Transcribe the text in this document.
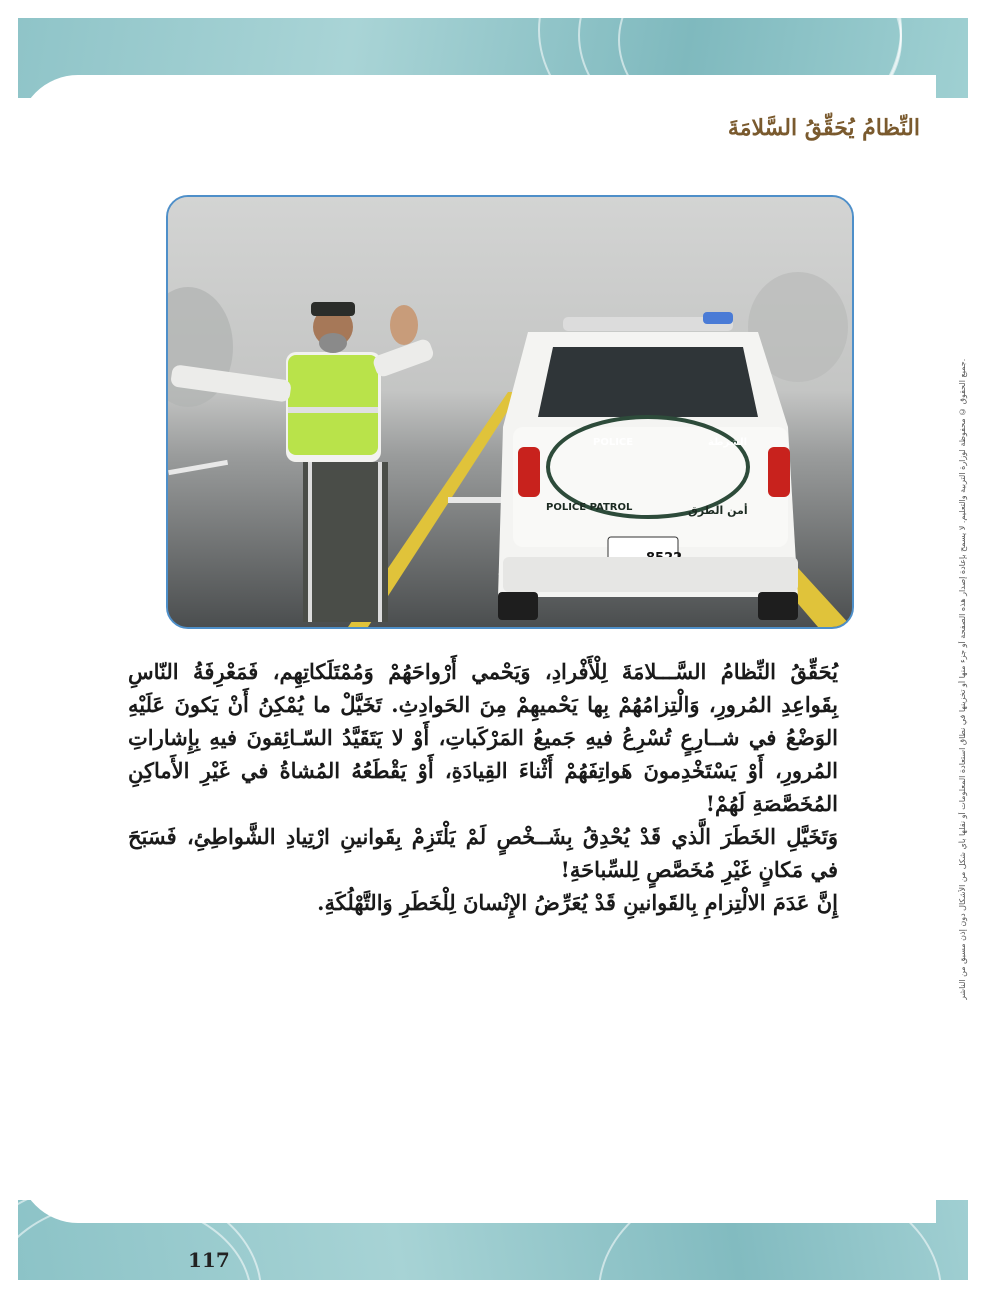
جميع الحقوق © محفوظة لوزارة التربية والتعليم. لا يسمح بإعادة إصدار هذه الصفحة أو جزء منها أو تخزينها في نطاق استعادة المعلومات أو نقلها بأي شكل من الأشكال دون إذن مسبق من الناشر.
النِّظامُ يُحَقِّقُ السَّلامَةَ
POLICE	الشرطة
POLICE PATROL	أمن الطرق

يُحَقِّقُ النِّظامُ السَّـــلامَةَ لِلْأَفْرادِ، وَيَحْمي أَرْواحَهُمْ وَمُمْتَلَكاتِهِم، فَمَعْرِفَةُ النّاسِ بِقَواعِدِ المُرورِ، وَالْتِزامُهُمْ بِها يَحْميهِمْ مِنَ الحَوادِثِ. تَخَيَّلْ ما يُمْكِنُ أَنْ يَكونَ عَلَيْهِ الوَضْعُ في شــارِعٍ تُسْرِعُ فيهِ جَميعُ المَرْكَباتِ، أَوْ لا يَتَقَيَّدُ السّـائِقونَ فيهِ بِإِشاراتِ المُرورِ، أَوْ يَسْتَخْدِمونَ هَواتِفَهُمْ أَثْناءَ القِيادَةِ، أَوْ يَقْطَعُهُ المُشاةُ في غَيْرِ الأَماكِنِ المُخَصَّصَةِ لَهُمْ!

وَتَخَيَّلِ الخَطَرَ الَّذي قَدْ يُحْدِقُ بِشَــخْصٍ لَمْ يَلْتَزِمْ بِقَوانينِ ارْتِيادِ الشَّواطِئِ، فَسَبَحَ في مَكانٍ غَيْرِ مُخَصَّصٍ لِلسِّباحَةِ!

إِنَّ عَدَمَ الالْتِزامِ بِالقَوانينِ قَدْ يُعَرِّضُ الإِنْسانَ لِلْخَطَرِ وَالتَّهْلُكَةِ.

117
